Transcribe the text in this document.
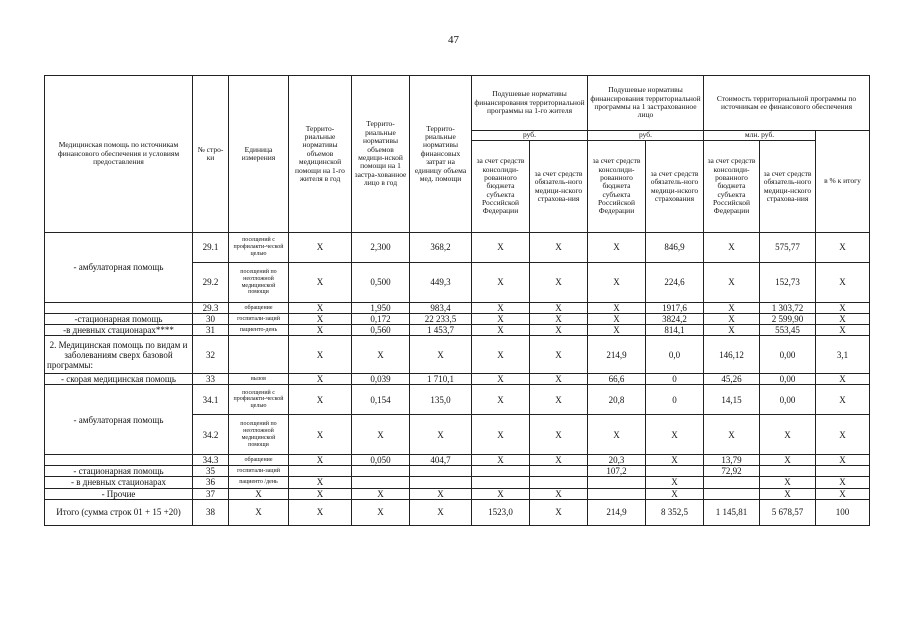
47
Медицинская помощь по источникам финансового обеспечения и условиям предоставления	№ стро-ки	Единица измерения	Террито-риальные нормативы объемов медицинской помощи на 1-го жителя в год	Террито-риальные нормативы объемов медици-нской помощи на 1 застра-хованное лицо в год	Террито-риальные нормативы финансовых затрат на единицу объема мед. помощи	Подушевые нормативы финансирования территориальной программы на 1-го жителя		Подушевые нормативы финансирования территориальной программы на 1 застрахованное лицо		Стоимость территориальной программы по источникам ее финансового обеспечения		
						руб.		руб.		млн. руб.		в % к итогу
						за счет средств консолиди-рованного бюджета субъекта Российской Федерации	за счет средств обязатель-ного медици-нского страхова-ния	за счет средств консолиди-рованного бюджета субъекта Российской Федерации	за счет средств обязатель-ного медици-нского страхования	за счет средств консолиди-рованного бюджета субъекта Российской Федерации	за счет средств обязатель-ного медици-нского страхова-ния	
- амбулаторная помощь	29.1	посещений с профилакти-ческой целью	X	2,300	368,2	X	X	X	846,9	X	575,77	X
	29.2	посещений по неотложной медицинской помощи	X	0,500	449,3	X	X	X	224,6	X	152,73	X
	29.3	обращение	X	1,950	983,4	X	X	X	1917,6	X	1 303,72	X
-стационарная помощь	30	госпитали-заций	X	0,172	22 233,5	X	X	X	3824,2	X	2 599,90	X
-в дневных стационарах****	31	пациенто-день	X	0,560	1 453,7	X	X	X	814,1	X	553,45	X
2. Медицинская помощь по видам и заболеваниям сверх базовой программы:	32		X	X	X	X	X	214,9	0,0	146,12	0,00	3,1
- скорая медицинская помощь	33	вызов	X	0,039	1 710,1	X	X	66,6	0	45,26	0,00	X
- амбулаторная помощь	34.1	посещений с профилакти-ческой целью	X	0,154	135,0	X	X	20,8	0	14,15	0,00	X
	34.2	посещений по неотложной медицинской помощи	X	X	X	X	X	X	X	X	X	X
	34.3	обращение	X	0,050	404,7	X	X	20,3	X	13,79	X	X
- стационарная помощь	35	госпитали-заций						107,2		72,92		
- в дневных стационарах	36	пациенто /день	X						X		X	X
- Прочие	37	X	X	X	X	X	X		X		X	X
Итого (сумма строк 01 + 15 +20)	38	X	X	X	X	1523,0	X	214,9	8 352,5	1 145,81	5 678,57	100
